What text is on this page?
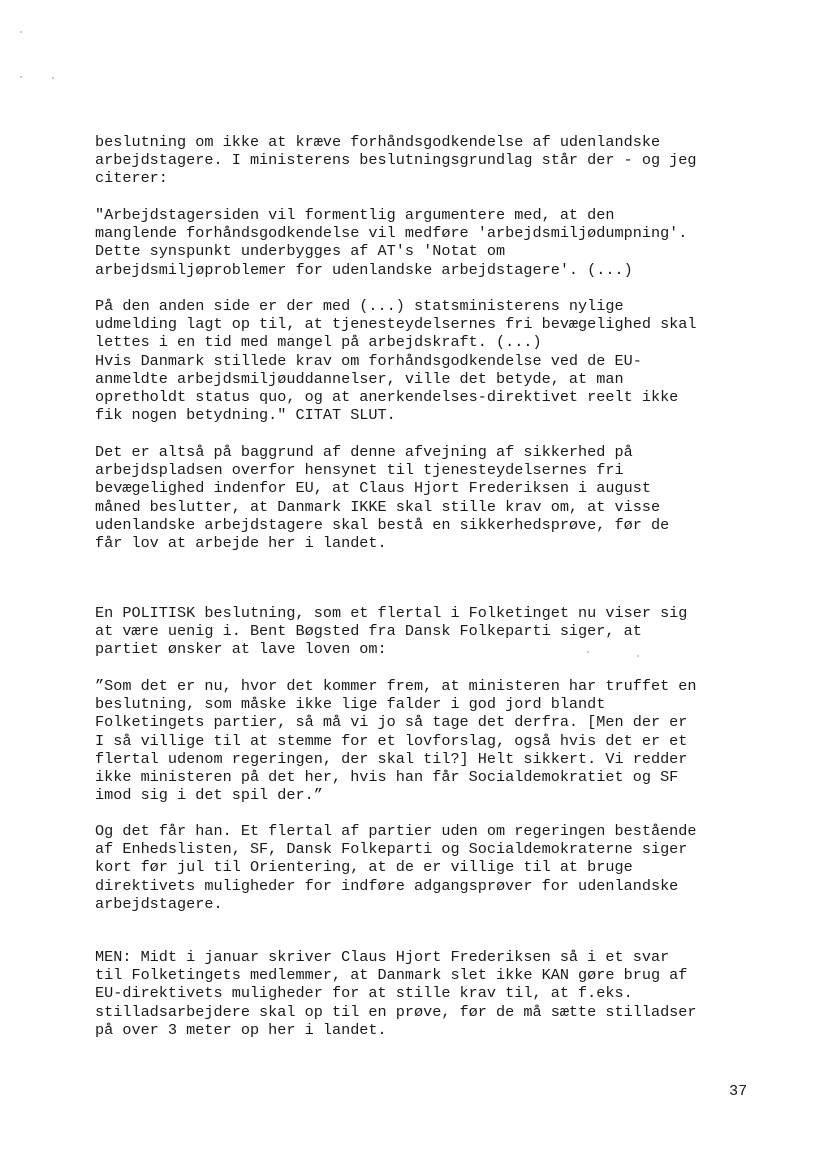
beslutning om ikke at kræve forhåndsgodkendelse af udenlandske
arbejdstagere. I ministerens beslutningsgrundlag står der - og jeg
citerer:
"Arbejdstagersiden vil formentlig argumentere med, at den
manglende forhåndsgodkendelse vil medføre 'arbejdsmiljødumpning'.
Dette synspunkt underbygges af AT's 'Notat om
arbejdsmiljøproblemer for udenlandske arbejdstagere'. (...)
På den anden side er der med (...) statsministerens nylige
udmelding lagt op til, at tjenesteydelsernes fri bevægelighed skal
lettes i en tid med mangel på arbejdskraft. (...)
Hvis Danmark stillede krav om forhåndsgodkendelse ved de EU-
anmeldte arbejdsmiljøuddannelser, ville det betyde, at man
opretholdt status quo, og at anerkendelses-direktivet reelt ikke
fik nogen betydning." CITAT SLUT.
Det er altså på baggrund af denne afvejning af sikkerhed på
arbejdspladsen overfor hensynet til tjenesteydelsernes fri
bevægelighed indenfor EU, at Claus Hjort Frederiksen i august
måned beslutter, at Danmark IKKE skal stille krav om, at visse
udenlandske arbejdstagere skal bestå en sikkerhedsprøve, før de
får lov at arbejde her i landet.
En POLITISK beslutning, som et flertal i Folketinget nu viser sig
at være uenig i. Bent Bøgsted fra Dansk Folkeparti siger, at
partiet ønsker at lave loven om:
”Som det er nu, hvor det kommer frem, at ministeren har truffet en
beslutning, som måske ikke lige falder i god jord blandt
Folketingets partier, så må vi jo så tage det derfra. [Men der er
I så villige til at stemme for et lovforslag, også hvis det er et
flertal udenom regeringen, der skal til?] Helt sikkert. Vi redder
ikke ministeren på det her, hvis han får Socialdemokratiet og SF
imod sig i det spil der.”
Og det får han. Et flertal af partier uden om regeringen bestående
af Enhedslisten, SF, Dansk Folkeparti og Socialdemokraterne siger
kort før jul til Orientering, at de er villige til at bruge
direktivets muligheder for indføre adgangsprøver for udenlandske
arbejdstagere.
MEN: Midt i januar skriver Claus Hjort Frederiksen så i et svar
til Folketingets medlemmer, at Danmark slet ikke KAN gøre brug af
EU-direktivets muligheder for at stille krav til, at f.eks.
stilladsarbejdere skal op til en prøve, før de må sætte stilladser
på over 3 meter op her i landet.
37
